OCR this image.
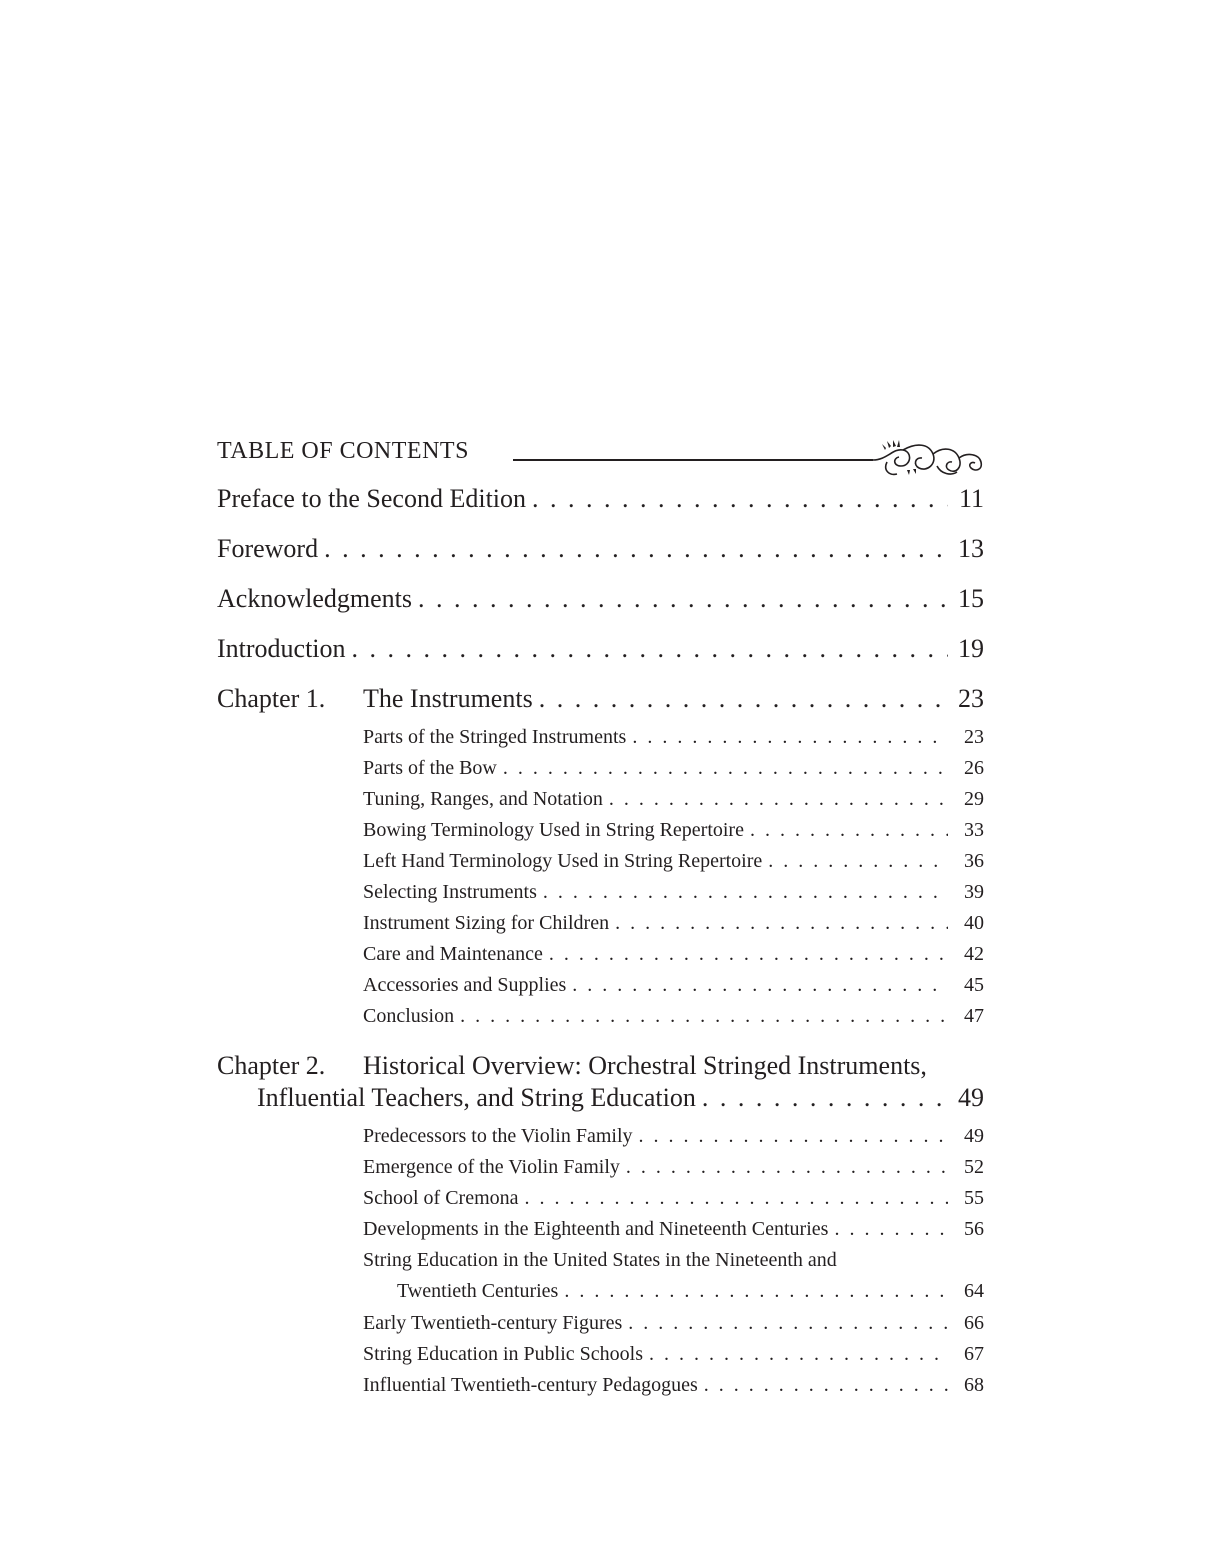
TABLE OF CONTENTS
Preface to the Second Edition . . .	11
Foreword . . .	13
Acknowledgments . . .	15
Introduction . . .	19
Chapter 1.	The Instruments . . .	23
Parts of the Stringed Instruments . . .	23
Parts of the Bow . . .	26
Tuning, Ranges, and Notation . . .	29
Bowing Terminology Used in String Repertoire . . .	33
Left Hand Terminology Used in String Repertoire . . .	36
Selecting Instruments . . .	39
Instrument Sizing for Children . . .	40
Care and Maintenance . . .	42
Accessories and Supplies . . .	45
Conclusion . . .	47
Chapter 2. Historical Overview: Orchestral Stringed Instruments,
Influential Teachers, and String Education . . .	49
Predecessors to the Violin Family . . .	49
Emergence of the Violin Family . . .	52
School of Cremona . . .	55
Developments in the Eighteenth and Nineteenth Centuries . . .	56
String Education in the United States in the Nineteenth and
Twentieth Centuries . . .	64
Early Twentieth-century Figures . . .	66
String Education in Public Schools . . .	67
Influential Twentieth-century Pedagogues . . .	68
